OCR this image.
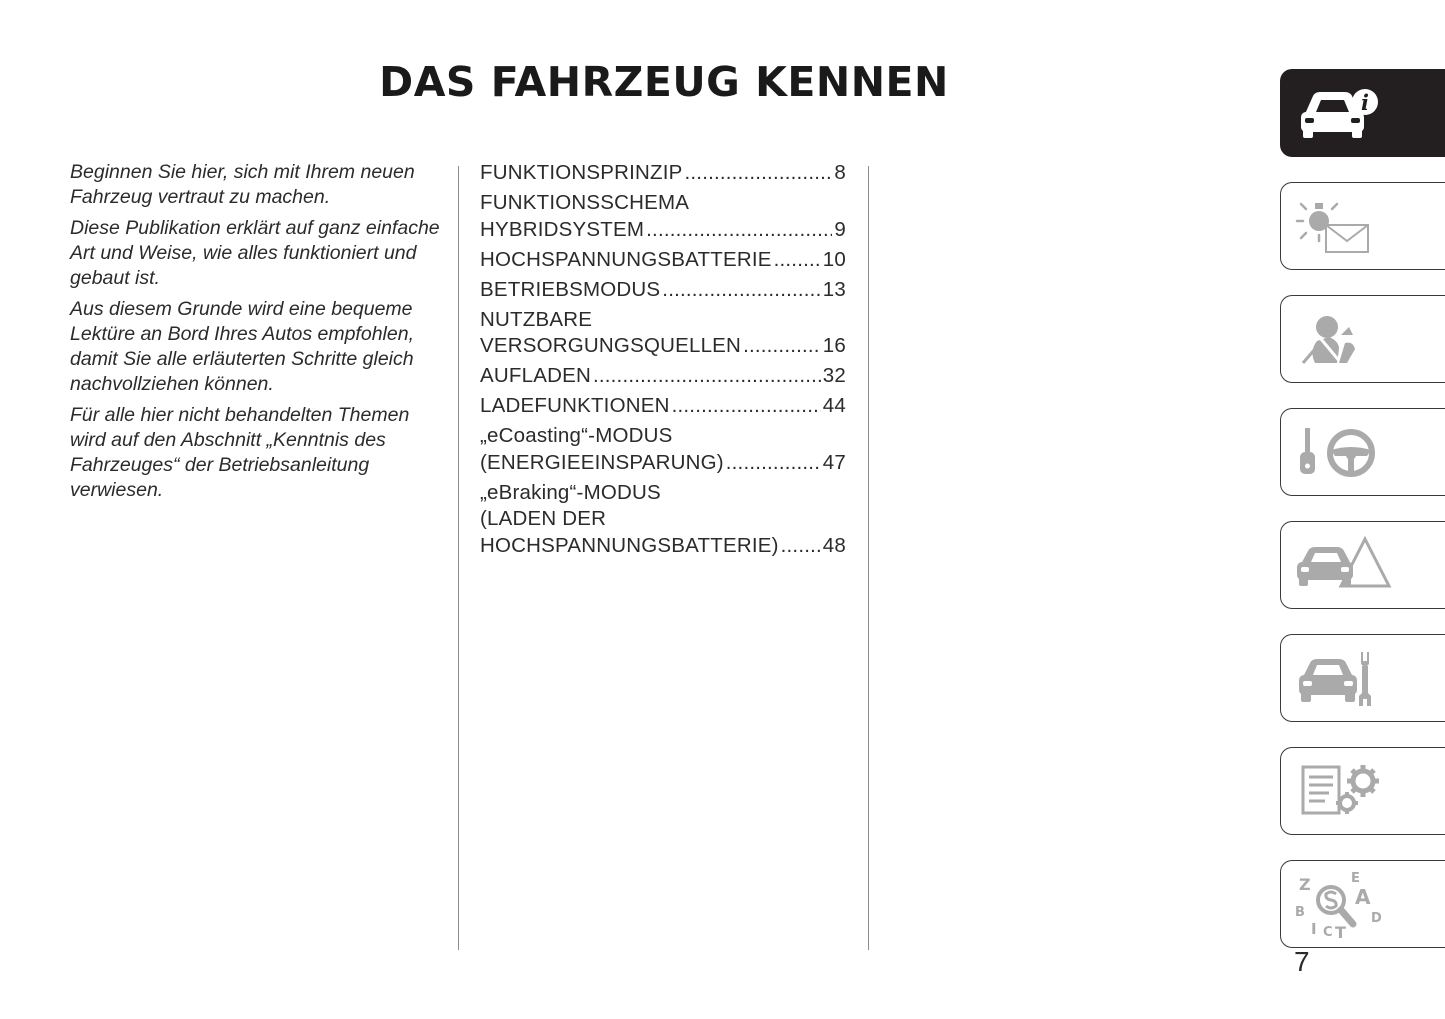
DAS FAHRZEUG KENNEN

Beginnen Sie hier, sich mit Ihrem neuen Fahrzeug vertraut zu machen.

Diese Publikation erklärt auf ganz einfache Art und Weise, wie alles funktioniert und gebaut ist.

Aus diesem Grunde wird eine bequeme Lektüre an Bord Ihres Autos empfohlen, damit Sie alle erläuterten Schritte gleich nachvollziehen können.

Für alle hier nicht behandelten Themen wird auf den Abschnitt „Kenntnis des Fahrzeuges“ der Betriebsanleitung verwiesen.

FUNKTIONSPRINZIP .....	8
FUNKTIONSSCHEMA
HYBRIDSYSTEM .....	9
HOCHSPANNUNGSBATTERIE ..... 10
BETRIEBSMODUS .....	13
NUTZBARE
VERSORGUNGSQUELLEN .....	16
AUFLADEN .....	32
LADEFUNKTIONEN .....	44
„eCoasting“-MODUS
(ENERGIEEINSPARUNG) .....	47
„eBraking“-MODUS
(LADEN DER
HOCHSPANNUNGSBATTERIE) ..... 48
i
Z	E
A
B	D
I C T
7
